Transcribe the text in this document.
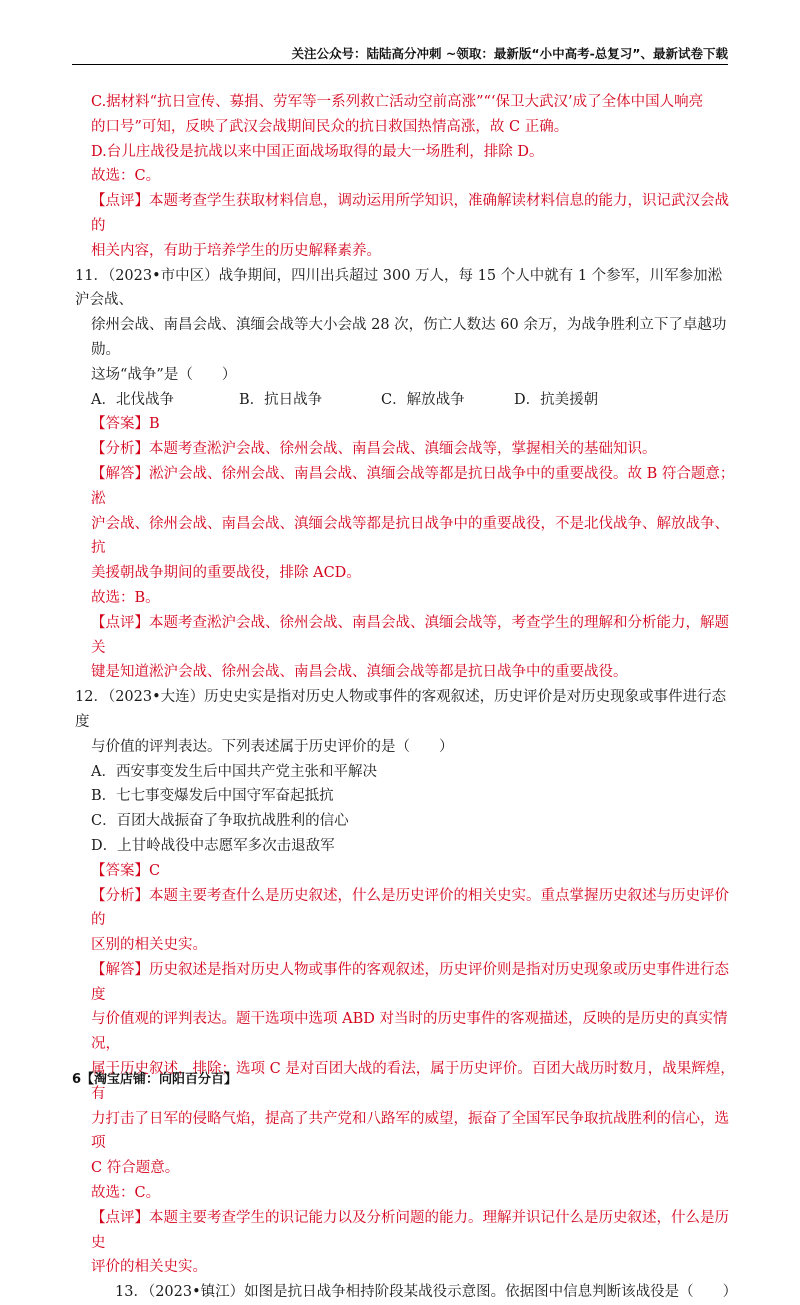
关注公众号：陆陆高分冲刺 ~领取：最新版“小中高考-总复习”、最新试卷下载
C.据材料“抗日宣传、募捐、劳军等一系列救亡活动空前高涨”“‘保卫大武汉’成了全体中国人响亮
的口号”可知，反映了武汉会战期间民众的抗日救国热情高涨，故 C 正确。
D.台儿庄战役是抗战以来中国正面战场取得的最大一场胜利，排除 D。
故选：C。
【点评】本题考查学生获取材料信息，调动运用所学知识，准确解读材料信息的能力，识记武汉会战的
相关内容，有助于培养学生的历史解释素养。
11．（2023•市中区）战争期间，四川出兵超过 300 万人，每 15 个人中就有 1 个参军，川军参加淞沪会战、
徐州会战、南昌会战、滇缅会战等大小会战 28 次，伤亡人数达 60 余万，为战争胜利立下了卓越功勋。
这场“战争”是（　　）
A．北伐战争	B．抗日战争	C．解放战争	D．抗美援朝
【答案】B
【分析】本题考查淞沪会战、徐州会战、南昌会战、滇缅会战等，掌握相关的基础知识。
【解答】淞沪会战、徐州会战、南昌会战、滇缅会战等都是抗日战争中的重要战役。故 B 符合题意；淞
沪会战、徐州会战、南昌会战、滇缅会战等都是抗日战争中的重要战役，不是北伐战争、解放战争、抗
美援朝战争期间的重要战役，排除 ACD。
故选：B。
【点评】本题考查淞沪会战、徐州会战、南昌会战、滇缅会战等，考查学生的理解和分析能力，解题关
键是知道淞沪会战、徐州会战、南昌会战、滇缅会战等都是抗日战争中的重要战役。
12．（2023•大连）历史史实是指对历史人物或事件的客观叙述，历史评价是对历史现象或事件进行态度
与价值的评判表达。下列表述属于历史评价的是（　　）
A．西安事变发生后中国共产党主张和平解决
B．七七事变爆发后中国守军奋起抵抗
C．百团大战振奋了争取抗战胜利的信心
D．上甘岭战役中志愿军多次击退敌军
【答案】C
【分析】本题主要考查什么是历史叙述，什么是历史评价的相关史实。重点掌握历史叙述与历史评价的
区别的相关史实。
【解答】历史叙述是指对历史人物或事件的客观叙述，历史评价则是指对历史现象或历史事件进行态度
与价值观的评判表达。题干选项中选项 ABD 对当时的历史事件的客观描述，反映的是历史的真实情况，
属于历史叙述，排除；选项 C 是对百团大战的看法，属于历史评价。百团大战历时数月，战果辉煌，有
力打击了日军的侵略气焰，提高了共产党和八路军的威望，振奋了全国军民争取抗战胜利的信心，选项
C 符合题意。
故选：C。
【点评】本题主要考查学生的识记能力以及分析问题的能力。理解并识记什么是历史叙述，什么是历史
评价的相关史实。
13．（2023•镇江）如图是抗日战争相持阶段某战役示意图。依据图中信息判断该战役是（　　）
6【淘宝店铺：向阳百分百】
